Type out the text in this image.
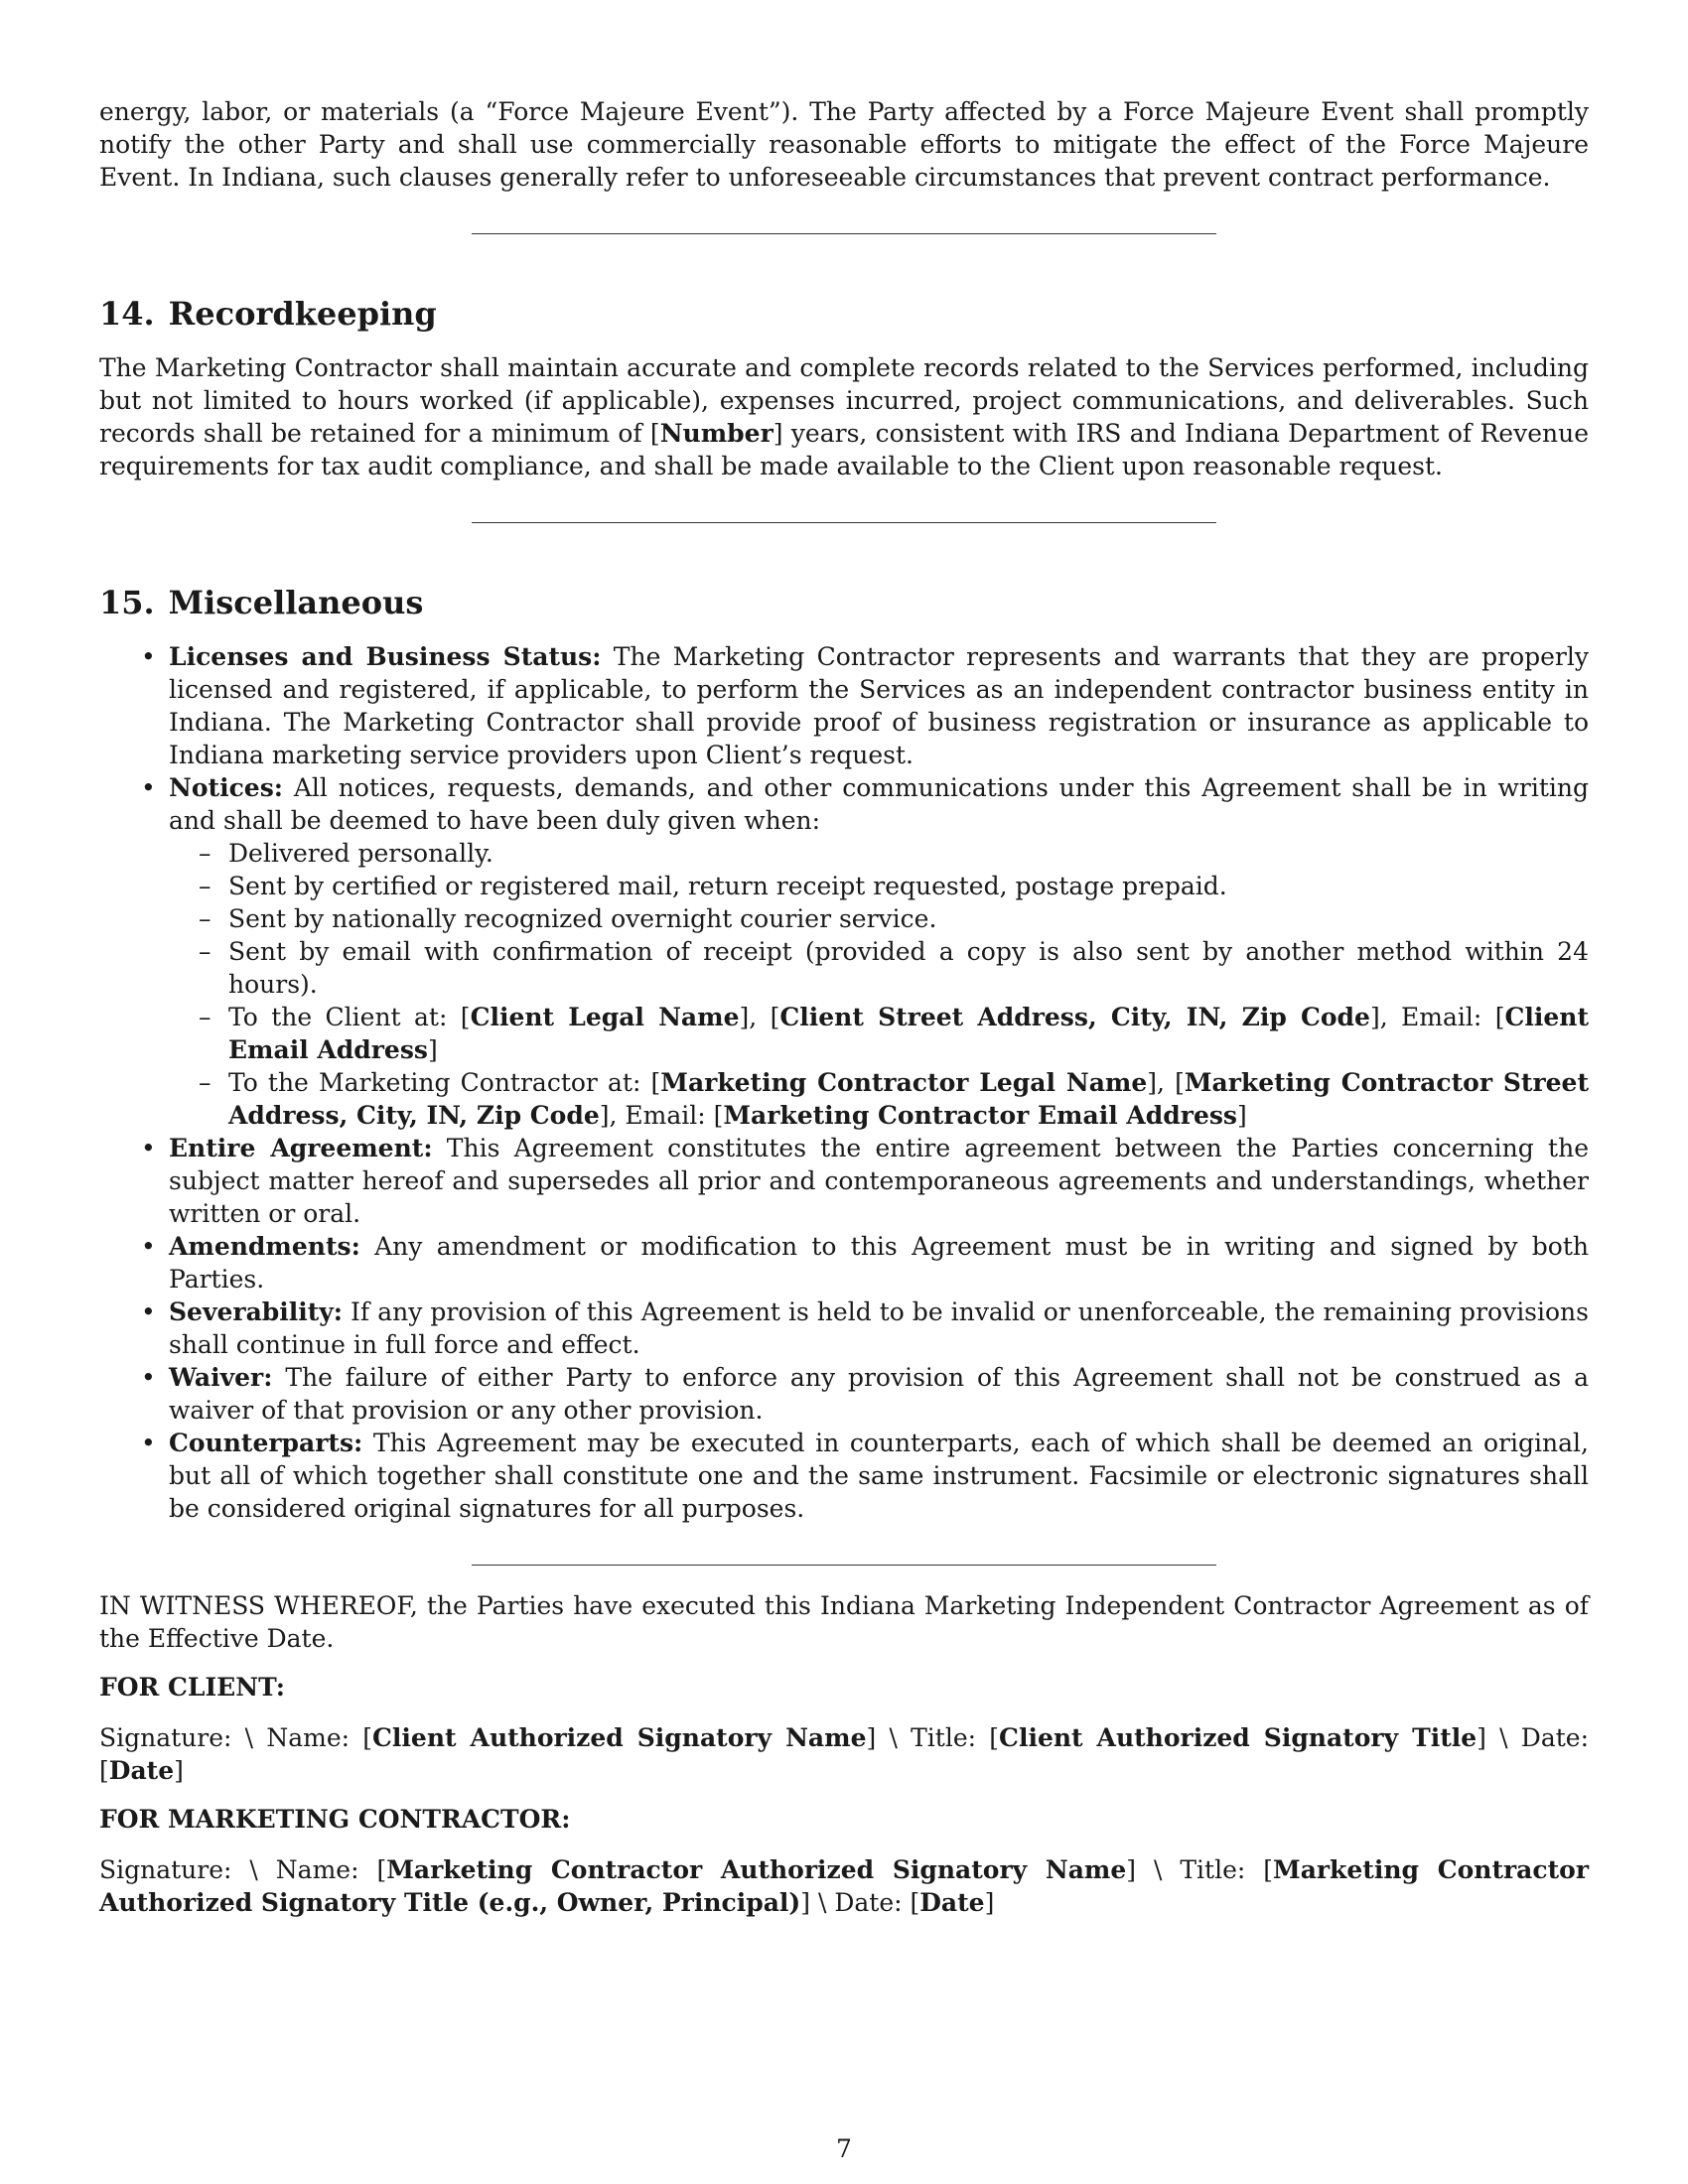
energy, labor, or materials (a “Force Majeure Event”). The Party affected by a Force Majeure Event shall promptly notify the other Party and shall use commercially reasonable efforts to mitigate the effect of the Force Majeure Event. In Indiana, such clauses generally refer to unforeseeable circumstances that prevent contract performance.

14. Recordkeeping

The Marketing Contractor shall maintain accurate and complete records related to the Services performed, including but not limited to hours worked (if applicable), expenses incurred, project communications, and deliverables. Such records shall be retained for a minimum of [Number] years, consistent with IRS and Indiana Department of Revenue requirements for tax audit compliance, and shall be made available to the Client upon reasonable request.

15. Miscellaneous
• Licenses and Business Status: The Marketing Contractor represents and warrants that they are properly licensed and registered, if applicable, to perform the Services as an independent contractor business entity in Indiana. The Marketing Contractor shall provide proof of business registration or insurance as applicable to Indiana marketing service providers upon Client’s request.
• Notices: All notices, requests, demands, and other communications under this Agreement shall be in writing and shall be deemed to have been duly given when:
– Delivered personally.
– Sent by certified or registered mail, return receipt requested, postage prepaid.
– Sent by nationally recognized overnight courier service.
– Sent by email with confirmation of receipt (provided a copy is also sent by another method within 24 hours).
– To the Client at: [Client Legal Name], [Client Street Address, City, IN, Zip Code], Email: [Client Email Address]
– To the Marketing Contractor at: [Marketing Contractor Legal Name], [Marketing Contractor Street Address, City, IN, Zip Code], Email: [Marketing Contractor Email Address]
• Entire Agreement: This Agreement constitutes the entire agreement between the Parties concerning the subject matter hereof and supersedes all prior and contemporaneous agreements and understandings, whether written or oral.
• Amendments: Any amendment or modification to this Agreement must be in writing and signed by both Parties.
• Severability: If any provision of this Agreement is held to be invalid or unenforceable, the remaining provisions shall continue in full force and effect.
• Waiver: The failure of either Party to enforce any provision of this Agreement shall not be construed as a waiver of that provision or any other provision.
• Counterparts: This Agreement may be executed in counterparts, each of which shall be deemed an original, but all of which together shall constitute one and the same instrument. Facsimile or electronic signatures shall be considered original signatures for all purposes.

IN WITNESS WHEREOF, the Parties have executed this Indiana Marketing Independent Contractor Agreement as of the Effective Date.

FOR CLIENT:

Signature: \ Name: [Client Authorized Signatory Name] \ Title: [Client Authorized Signatory Title] \ Date: [Date]

FOR MARKETING CONTRACTOR:

Signature: \ Name: [Marketing Contractor Authorized Signatory Name] \ Title: [Marketing Contractor Authorized Signatory Title (e.g., Owner, Principal)] \ Date: [Date]

7
